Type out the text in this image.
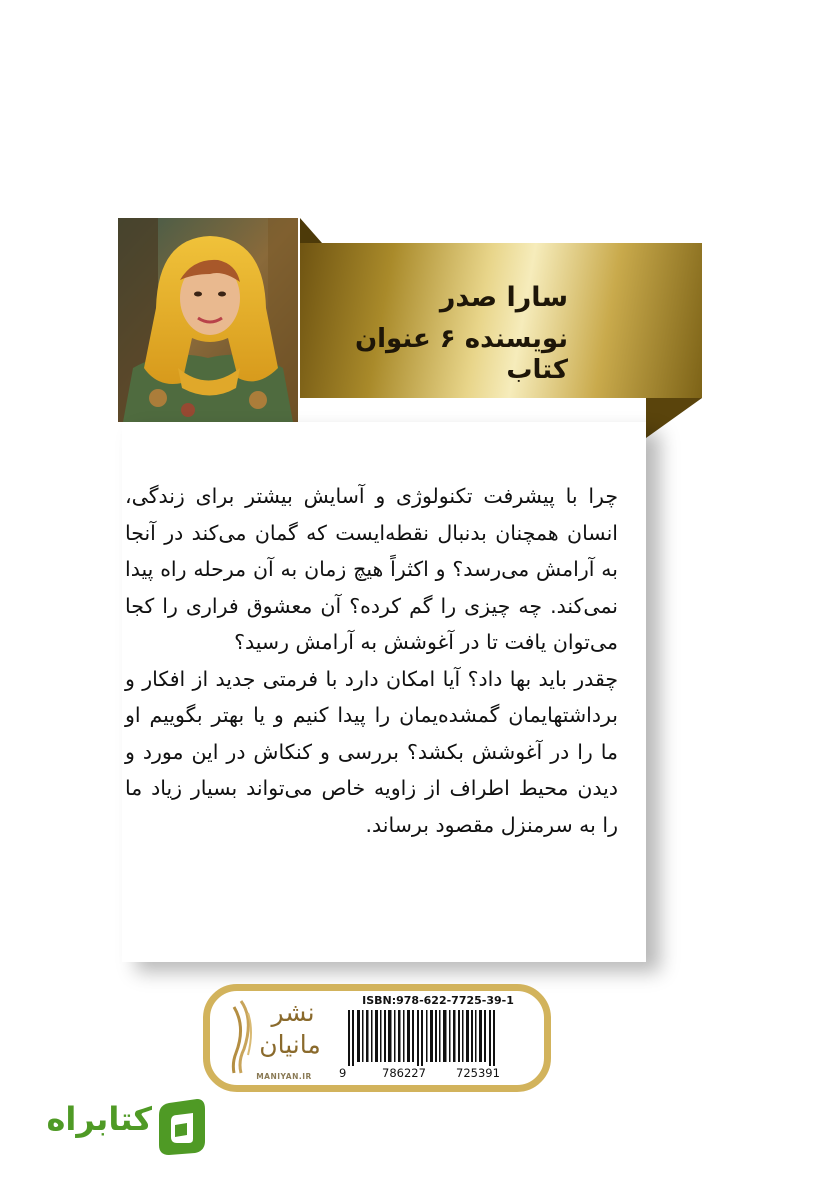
سارا صدر
نویسنده ۶ عنوان کتاب

چرا با پیشرفت تکنولوژی و آسایش بیشتر برای زندگی، انسان همچنان بدنبال نقطه‌ایست که گمان می‌کند در آنجا به آرامش می‌رسد؟ و اکثراً هیچ زمان به آن مرحله راه پیدا نمی‌کند. چه چیزی را گم کرده؟ آن معشوق فراری را کجا می‌توان یافت تا در آغوشش به آرامش رسید؟

چقدر باید بها داد؟ آیا امکان دارد با فرمتی جدید از افکار و برداشتهایمان گمشده‌یمان را پیدا کنیم و یا بهتر بگوییم او ما را در آغوشش بکشد؟ بررسی و کنکاش در این مورد و دیدن محیط اطراف از زاویه خاص می‌تواند بسیار زیاد ما را به سرمنزل مقصود برساند.

نشر
مانیان
MANIYAN.IR
ISBN:978-622-7725-39-1
9	786227	725391
کتابراه
